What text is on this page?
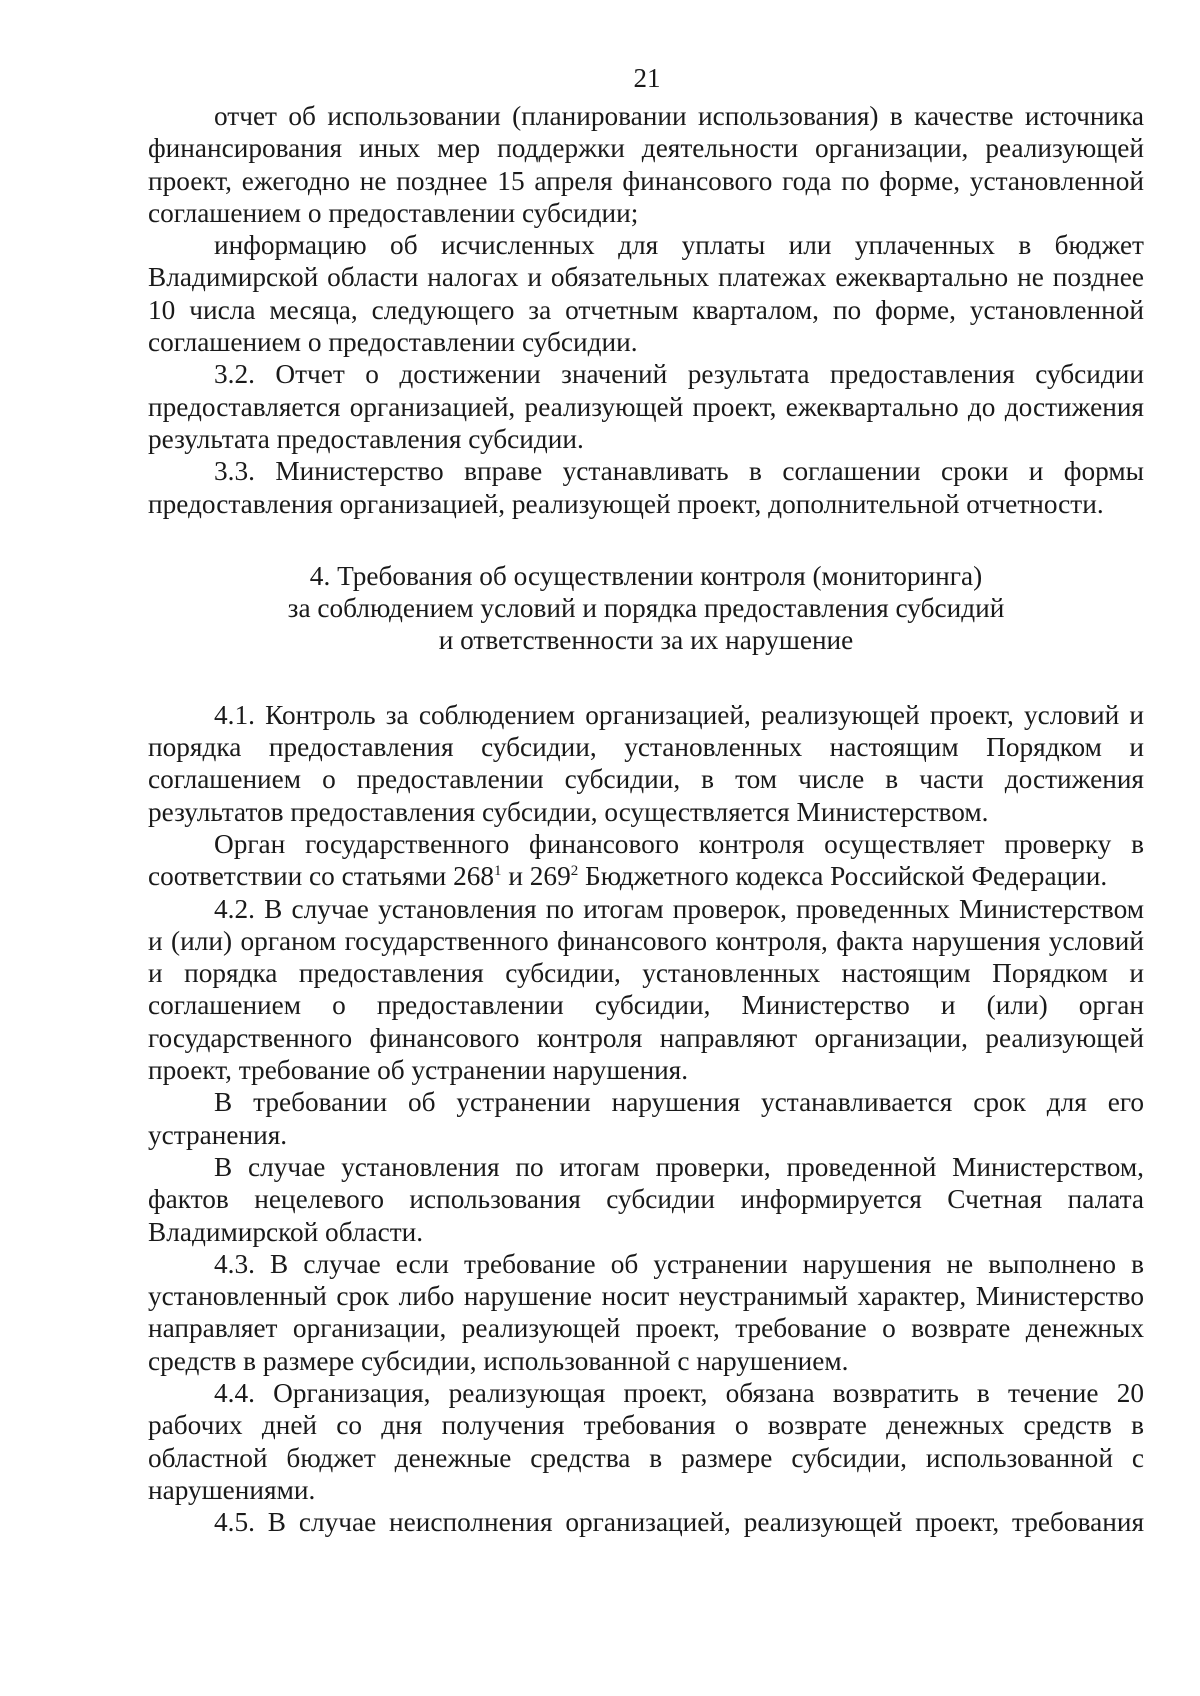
21

отчет об использовании (планировании использования) в качестве источника финансирования иных мер поддержки деятельности организации, реализующей проект, ежегодно не позднее 15 апреля финансового года по форме, установленной соглашением о предоставлении субсидии;

информацию об исчисленных для уплаты или уплаченных в бюджет Владимирской области налогах и обязательных платежах ежеквартально не позднее 10 числа месяца, следующего за отчетным кварталом, по форме, установленной соглашением о предоставлении субсидии.

3.2. Отчет о достижении значений результата предоставления субсидии предоставляется организацией, реализующей проект, ежеквартально до достижения результата предоставления субсидии.

3.3. Министерство вправе устанавливать в соглашении сроки и формы предоставления организацией, реализующей проект, дополнительной отчетности.

4. Требования об осуществлении контроля (мониторинга)
за соблюдением условий и порядка предоставления субсидий
и ответственности за их нарушение

4.1. Контроль за соблюдением организацией, реализующей проект, условий и порядка предоставления субсидии, установленных настоящим Порядком и соглашением о предоставлении субсидии, в том числе в части достижения результатов предоставления субсидии, осуществляется Министерством.

Орган государственного финансового контроля осуществляет проверку в соответствии со статьями $268^1$ и $269^2$ Бюджетного кодекса Российской Федерации.

4.2. В случае установления по итогам проверок, проведенных Министерством и (или) органом государственного финансового контроля, факта нарушения условий и порядка предоставления субсидии, установленных настоящим Порядком и соглашением о предоставлении субсидии, Министерство и (или) орган государственного финансового контроля направляют организации, реализующей проект, требование об устранении нарушения.

В требовании об устранении нарушения устанавливается срок для его устранения.

В случае установления по итогам проверки, проведенной Министерством, фактов нецелевого использования субсидии информируется Счетная палата Владимирской области.

4.3. В случае если требование об устранении нарушения не выполнено в установленный срок либо нарушение носит неустранимый характер, Министерство направляет организации, реализующей проект, требование о возврате денежных средств в размере субсидии, использованной с нарушением.

4.4. Организация, реализующая проект, обязана возвратить в течение 20 рабочих дней со дня получения требования о возврате денежных средств в областной бюджет денежные средства в размере субсидии, использованной с нарушениями.

4.5. В случае неисполнения организацией, реализующей проект, требования
